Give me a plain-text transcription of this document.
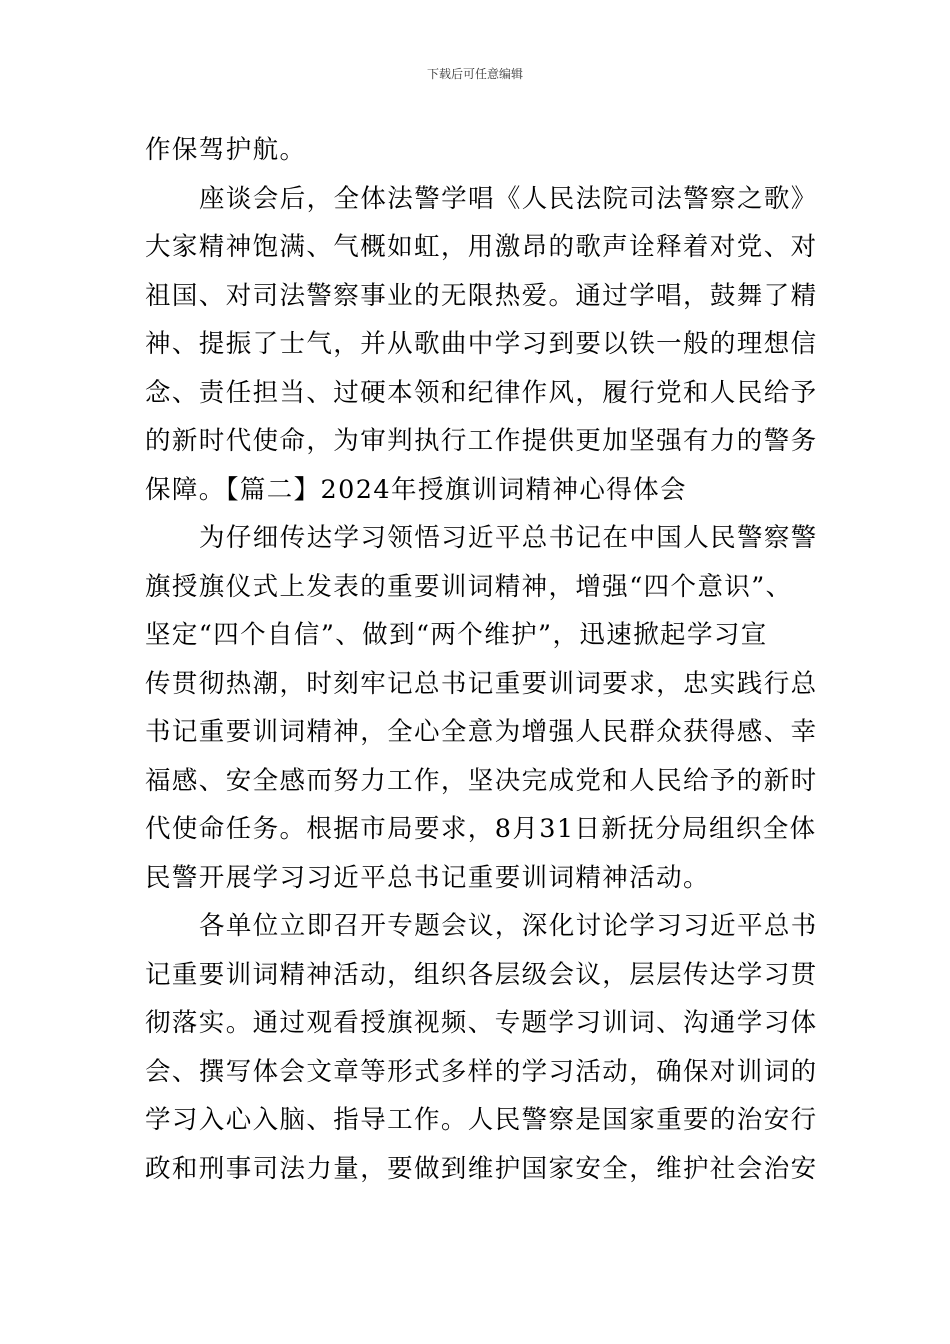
下载后可任意编辑
作保驾护航。
座谈会后，全体法警学唱《人民法院司法警察之歌》
大家精神饱满、气概如虹，用激昂的歌声诠释着对党、对
祖国、对司法警察事业的无限热爱。通过学唱，鼓舞了精
神、提振了士气，并从歌曲中学习到要以铁一般的理想信
念、责任担当、过硬本领和纪律作风，履行党和人民给予
的新时代使命，为审判执行工作提供更加坚强有力的警务
保障。【篇二】2024年授旗训词精神心得体会
为仔细传达学习领悟习近平总书记在中国人民警察警
旗授旗仪式上发表的重要训词精神，增强“四个意识”、
坚定“四个自信”、做到“两个维护”，迅速掀起学习宣
传贯彻热潮，时刻牢记总书记重要训词要求，忠实践行总
书记重要训词精神，全心全意为增强人民群众获得感、幸
福感、安全感而努力工作，坚决完成党和人民给予的新时
代使命任务。根据市局要求，8月31日新抚分局组织全体
民警开展学习习近平总书记重要训词精神活动。
各单位立即召开专题会议，深化讨论学习习近平总书
记重要训词精神活动，组织各层级会议，层层传达学习贯
彻落实。通过观看授旗视频、专题学习训词、沟通学习体
会、撰写体会文章等形式多样的学习活动，确保对训词的
学习入心入脑、指导工作。人民警察是国家重要的治安行
政和刑事司法力量，要做到维护国家安全，维护社会治安
